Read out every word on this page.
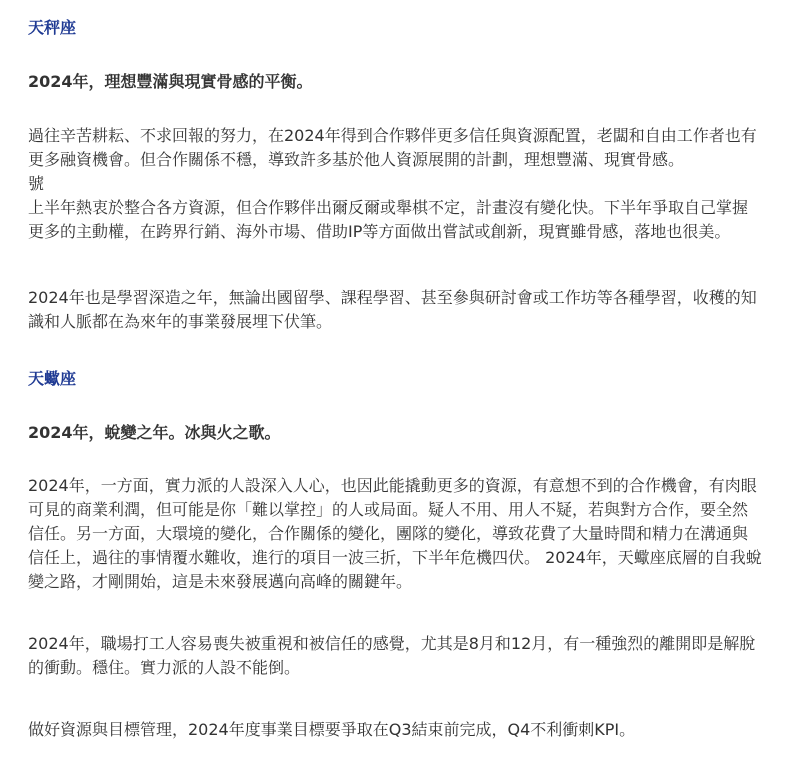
天秤座

2024年，理想豐滿與現實骨感的平衡。

過往辛苦耕耘、不求回報的努力，在2024年得到合作夥伴更多信任與資源配置，老闆和自由工作者也有
更多融資機會。但合作關係不穩，導致許多基於他人資源展開的計劃，理想豐滿、現實骨感。
號
上半年熱衷於整合各方資源，但合作夥伴出爾反爾或舉棋不定，計畫沒有變化快。下半年爭取自己掌握
更多的主動權，在跨界行銷、海外市場、借助IP等方面做出嘗試或創新，現實雖骨感，落地也很美。

2024年也是學習深造之年，無論出國留學、課程學習、甚至參與研討會或工作坊等各種學習，收穫的知
識和人脈都在為來年的事業發展埋下伏筆。

天蠍座

2024年，蛻變之年。冰與火之歌。

2024年，一方面，實力派的人設深入人心，也因此能撬動更多的資源，有意想不到的合作機會，有肉眼
可見的商業利潤，但可能是你「難以掌控」的人或局面。疑人不用、用人不疑，若與對方合作，要全然
信任。另一方面，大環境的變化，合作關係的變化，團隊的變化，導致花費了大量時間和精力在溝通與
信任上，過往的事情覆水難收，進行的項目一波三折，下半年危機四伏。 2024年，天蠍座底層的自我蛻
變之路，才剛開始，這是未來發展邁向高峰的關鍵年。

2024年，職場打工人容易喪失被重視和被信任的感覺，尤其是8月和12月，有一種強烈的離開即是解脫
的衝動。穩住。實力派的人設不能倒。

做好資源與目標管理，2024年度事業目標要爭取在Q3結束前完成，Q4不利衝刺KPI。
